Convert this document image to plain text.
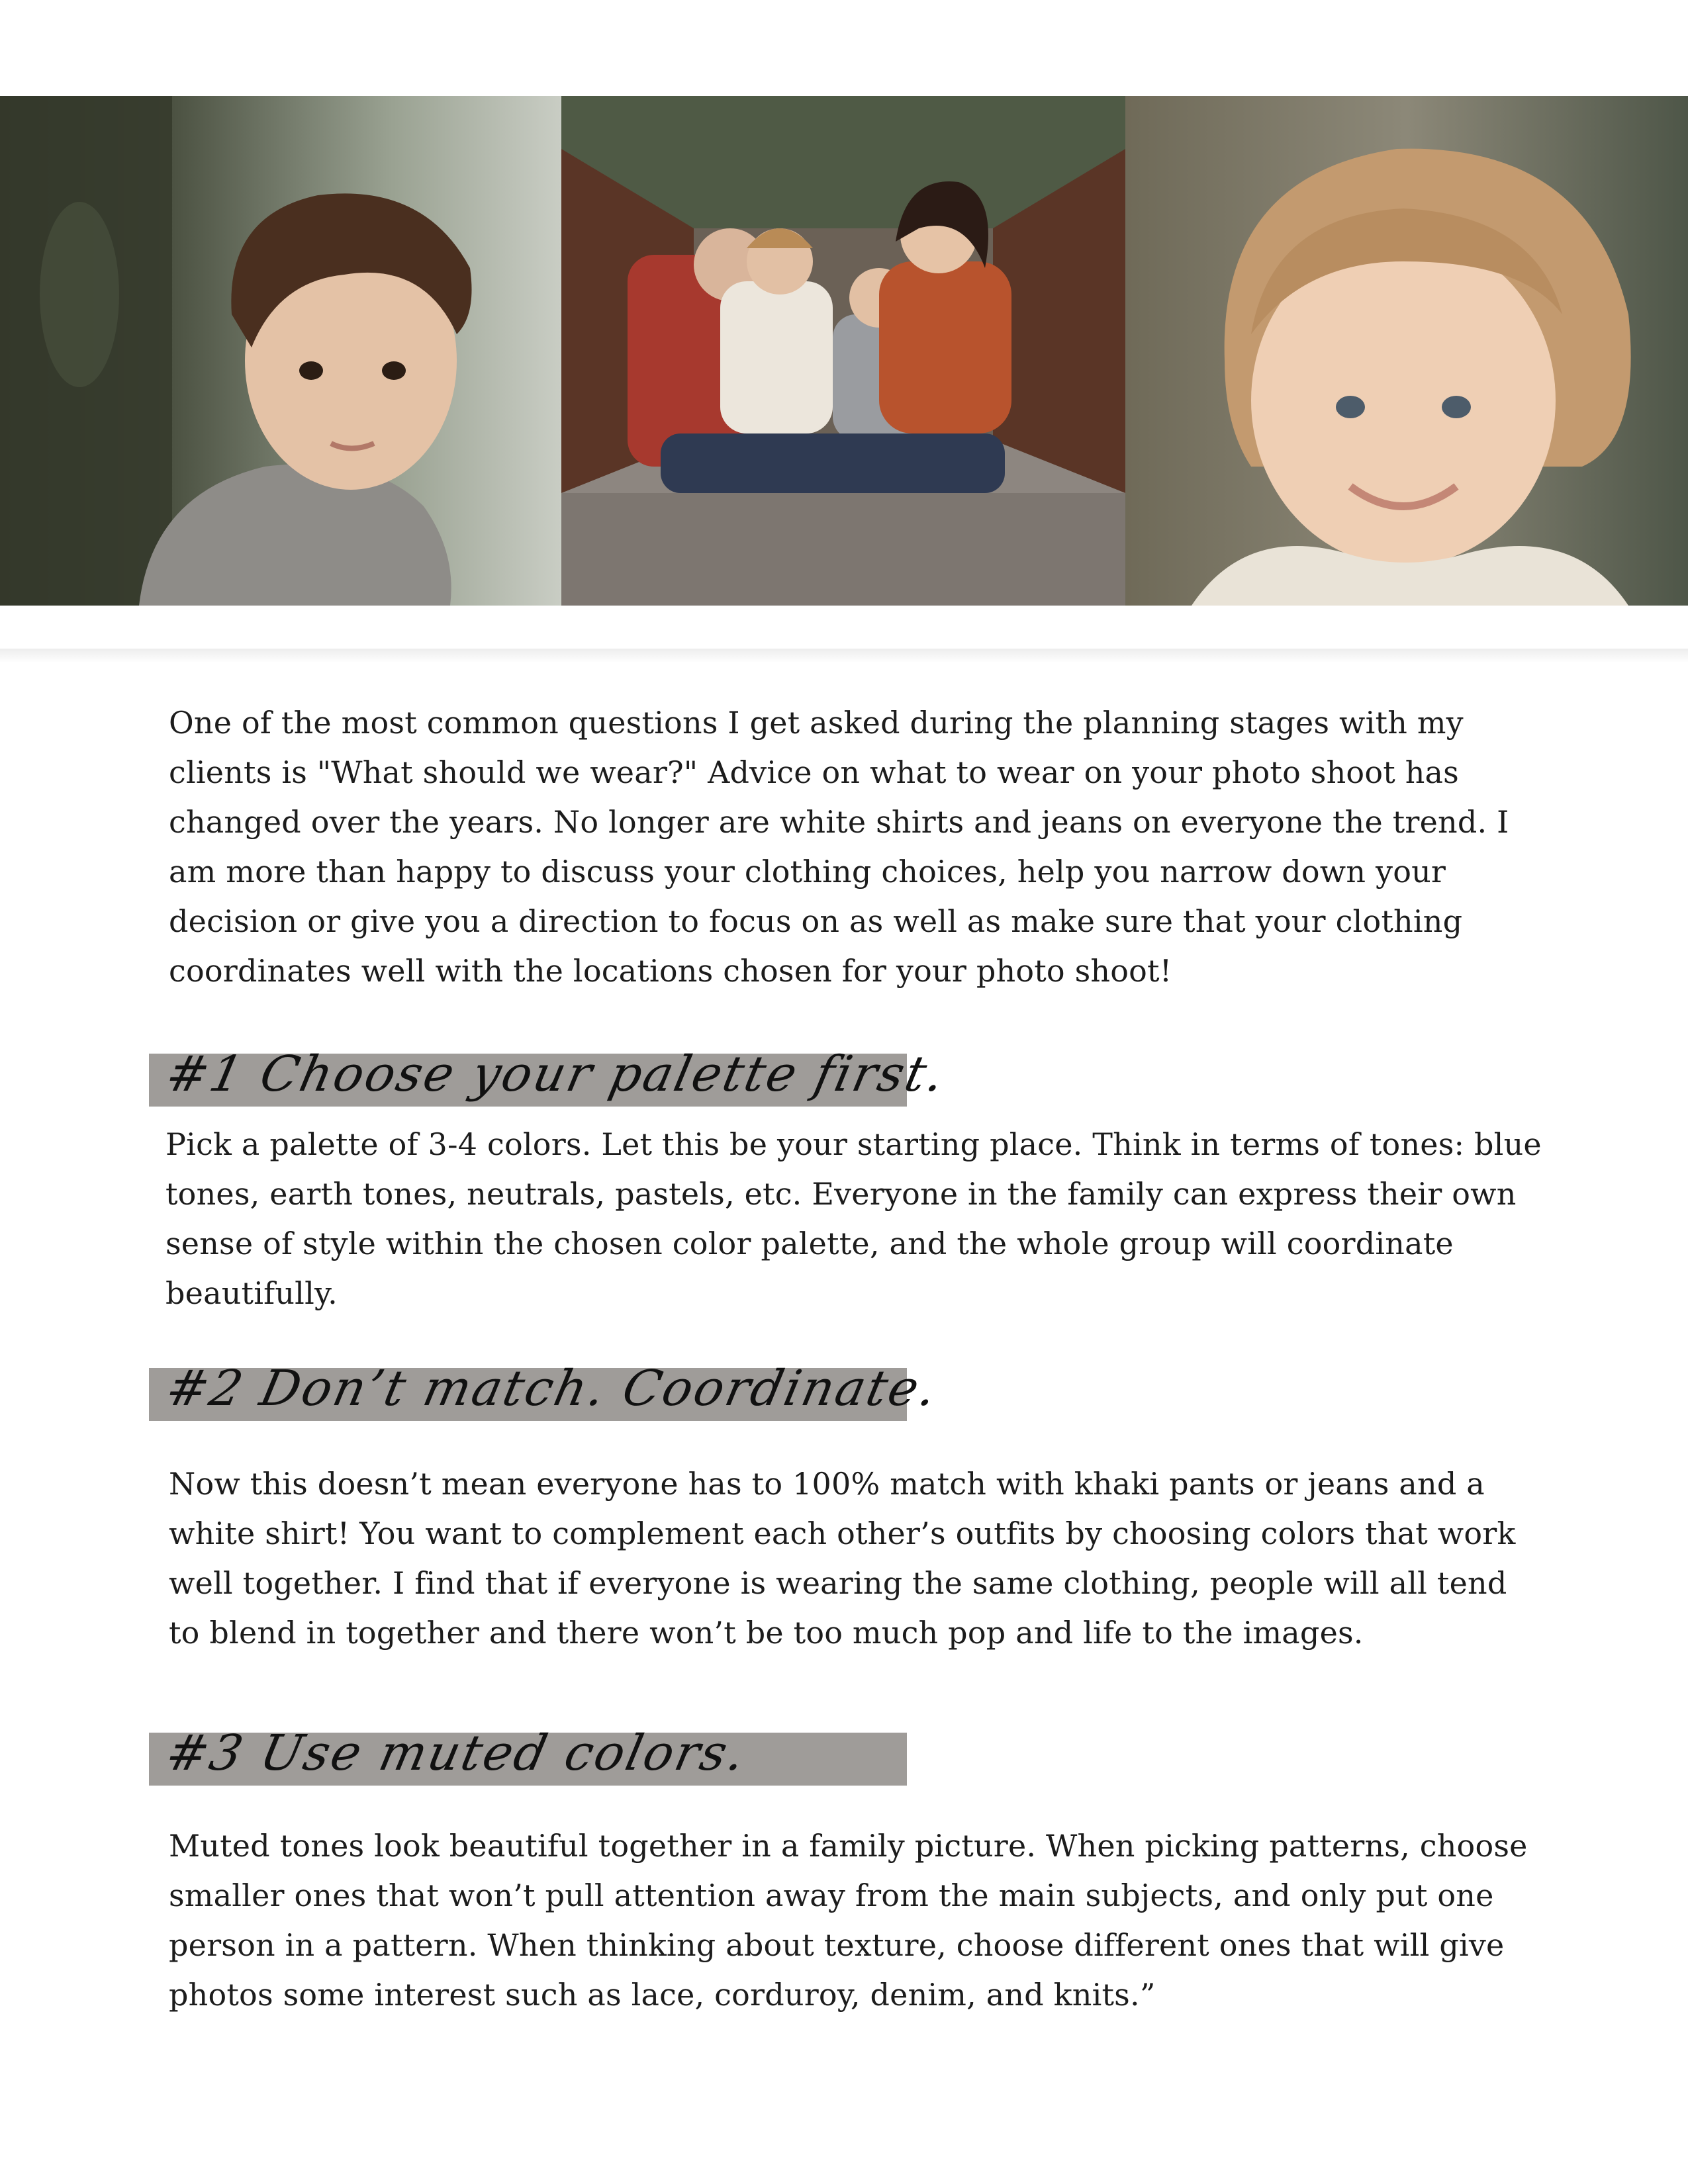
One of the most common questions I get asked during the planning stages with my clients is "What should we wear?" Advice on what to wear on your photo shoot has changed over the years. No longer are white shirts and jeans on everyone the trend. I am more than happy to discuss your clothing choices, help you narrow down your decision or give you a direction to focus on as well as make sure that your clothing coordinates well with the locations chosen for your photo shoot!

#1 Choose your palette first.

Pick a palette of 3-4 colors. Let this be your starting place. Think in terms of tones: blue tones, earth tones, neutrals, pastels, etc. Everyone in the family can express their own sense of style within the chosen color palette, and the whole group will coordinate beautifully.

#2 Don’t match. Coordinate.

Now this doesn’t mean everyone has to 100% match with khaki pants or jeans and a white shirt! You want to complement each other’s outfits by choosing colors that work well together. I find that if everyone is wearing the same clothing, people will all tend to blend in together and there won’t be too much pop and life to the images.

#3 Use muted colors.

Muted tones look beautiful together in a family picture. When picking patterns, choose smaller ones that won’t pull attention away from the main subjects, and only put one person in a pattern. When thinking about texture, choose different ones that will give photos some interest such as lace, corduroy, denim, and knits.”
